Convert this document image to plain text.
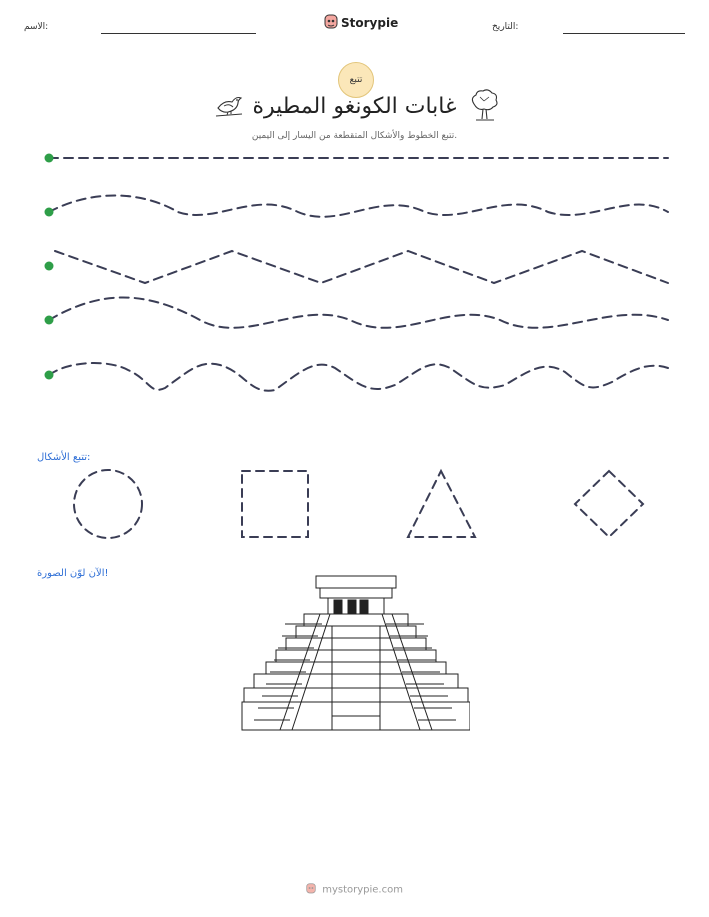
التاريخ:
الاسم:	Storypie
تتبع
غابات الكونغو المطيرة
تتبع الخطوط والأشكال المتقطعة من اليسار إلى اليمين.
تتبع الأشكال:
الآن لوّن الصورة!
mystorypie.com
